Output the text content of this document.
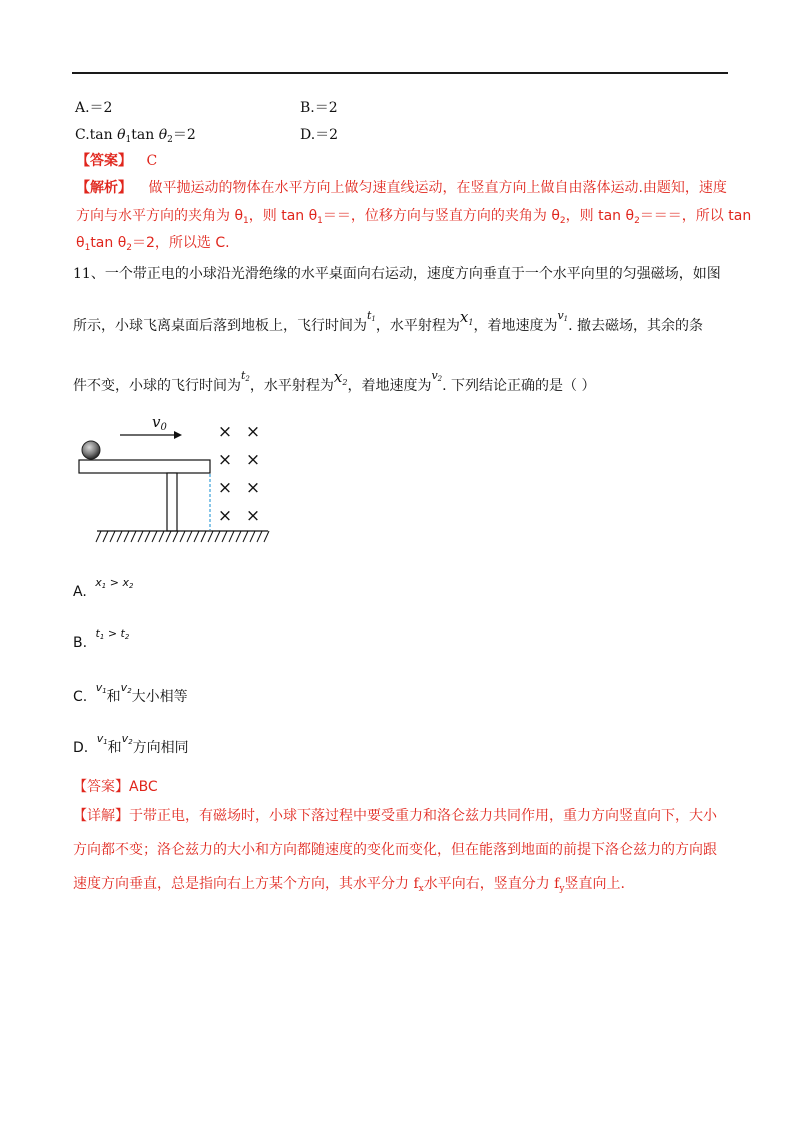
A.＝2	B.＝2
C.tan $\theta_1\tan$ $\theta_2=2$	D.＝2
【答案】 C
【解析】 做平抛运动的物体在水平方向上做匀速直线运动，在竖直方向上做自由落体运动.由题知，速度
方向与水平方向的夹角为 $\theta_1$，则 $\tan \theta_1==$，位移方向与竖直方向的夹角为 $\theta_2$，则 $\tan \theta_2===$，所以 tan
$\theta_1\tan$ $\theta_2=2$，所以选 C.
11、一个带正电的小球沿光滑绝缘的水平桌面向右运动，速度方向垂直于一个水平向里的匀强磁场，如图
所示，小球飞离桌面后落到地板上，飞行时间为$^{t1}$，水平射程为$x_1$，着地速度为$^{v1}$. 撤去磁场，其余的条
件不变，小球的飞行时间为$^{t2}$，水平射程为$x_2$，着地速度为$^{v2}$. 下列结论正确的是（ ）
$v_0$	× ×
× ×
× ×
× ×
A. $^{x1 > x2}$
B. $^{t1 > t2}$
C. $^{v1}$和$^{v2}$大小相等
D. $^{v1}$和$^{v2}$方向相同
【答案】ABC
【详解】于带正电，有磁场时，小球下落过程中要受重力和洛仑兹力共同作用，重力方向竖直向下，大小
方向都不变；洛仑兹力的大小和方向都随速度的变化而变化，但在能落到地面的前提下洛仑兹力的方向跟
速度方向垂直，总是指向右上方某个方向，其水平分力 $f_x$水平向右，竖直分力 $f_y$竖直向上.
